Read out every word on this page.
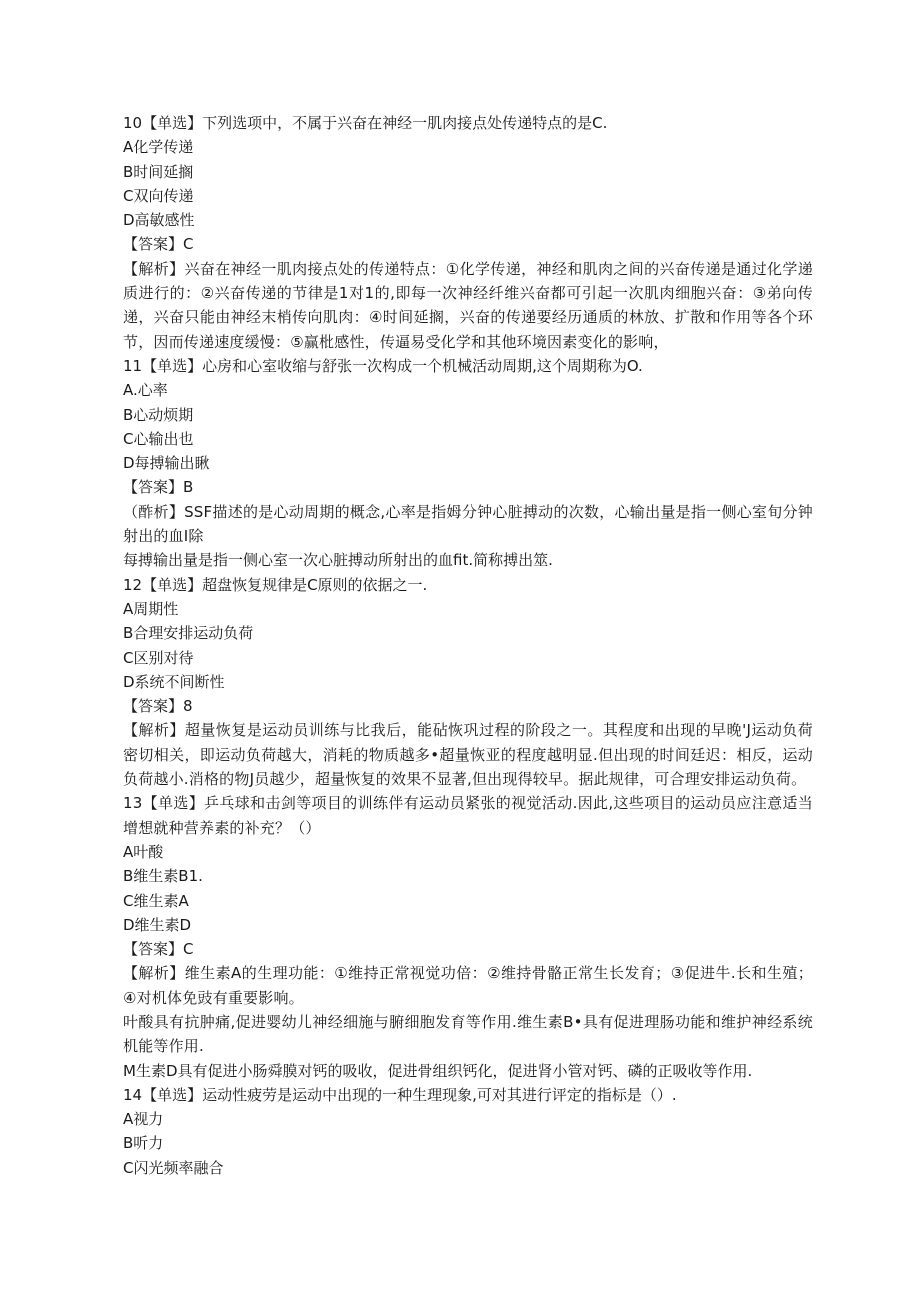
10【单选】下列选项中，不属于兴奋在神经一肌肉接点处传递特点的是C.
A化学传递
B时间延搁
C双向传递
D高敏感性
【答案】C
【解析】兴奋在神经一肌肉接点处的传递特点：①化学传递，神经和肌肉之间的兴奋传递是通过化学递质进行的：②兴奋传递的节律是1对1的,即每一次神经纤维兴奋都可引起一次肌肉细胞兴奋：③弟向传递，兴奋只能由神经末梢传向肌肉：④时间延搁，兴奋的传递要经历通质的林放、扩散和作用等各个环节，因而传递速度缓慢：⑤赢枇感性，传逼易受化学和其他环境因素变化的影响，
11【单选】心房和心室收缩与舒张一次构成一个机械活动周期,这个周期称为O.
A.心率
B心动烦期
C心输出也
D每搏输出瞅
【答案】B
（酢析】SSF描述的是心动周期的概念,心率是指姆分钟心脏搏动的次数，心输出量是指一侧心室旬分钟射出的血I除
每搏输出量是指一侧心室一次心脏搏动所射出的血fit.简称搏出筮.
12【单选】超盘恢复规律是C原则的依据之一.
A周期性
B合理安排运动负荷
C区别对待
D系统不间断性
【答案】8
【解析】超量恢复是运动员训练与比我后，能砧恢巩过程的阶段之一。其程度和出现的早晚'J运动负荷密切相关，即运动负荷越大，消耗的物质越多•超量恢亚的程度越明显.但出现的时间廷迟：相反，运动负荷越小.消格的物J员越少，超量恢复的效果不显著,但出现得较早。据此规律，可合理安排运动负荷。
13【单选】乒乓球和击剑等项目的训练伴有运动员紧张的视觉活动.因此,这些项目的运动员应注意适当增想就种营养素的补充？（）
A叶酸
B维生素B1.
C维生素A
D维生素D
【答案】C
【解析】维生素A的生理功能：①维持正常视觉功倍：②维持骨骼正常生长发育；③促进牛.长和生殖；④对机体免豉有重要影响。
叶酸具有抗肿痛,促进婴幼儿神经细施与腑细胞发育等作用.维生素B•具有促进理肠功能和维护神经系统机能等作用.
M生素D具有促进小肠舜膜对钙的吸收，促进骨组织钙化，促进肾小管对钙、磷的正吸收等作用.
14【单选】运动性疲劳是运动中出现的一种生理现象,可对其进行评定的指标是（）.
A视力
B听力
C闪光频率融合
